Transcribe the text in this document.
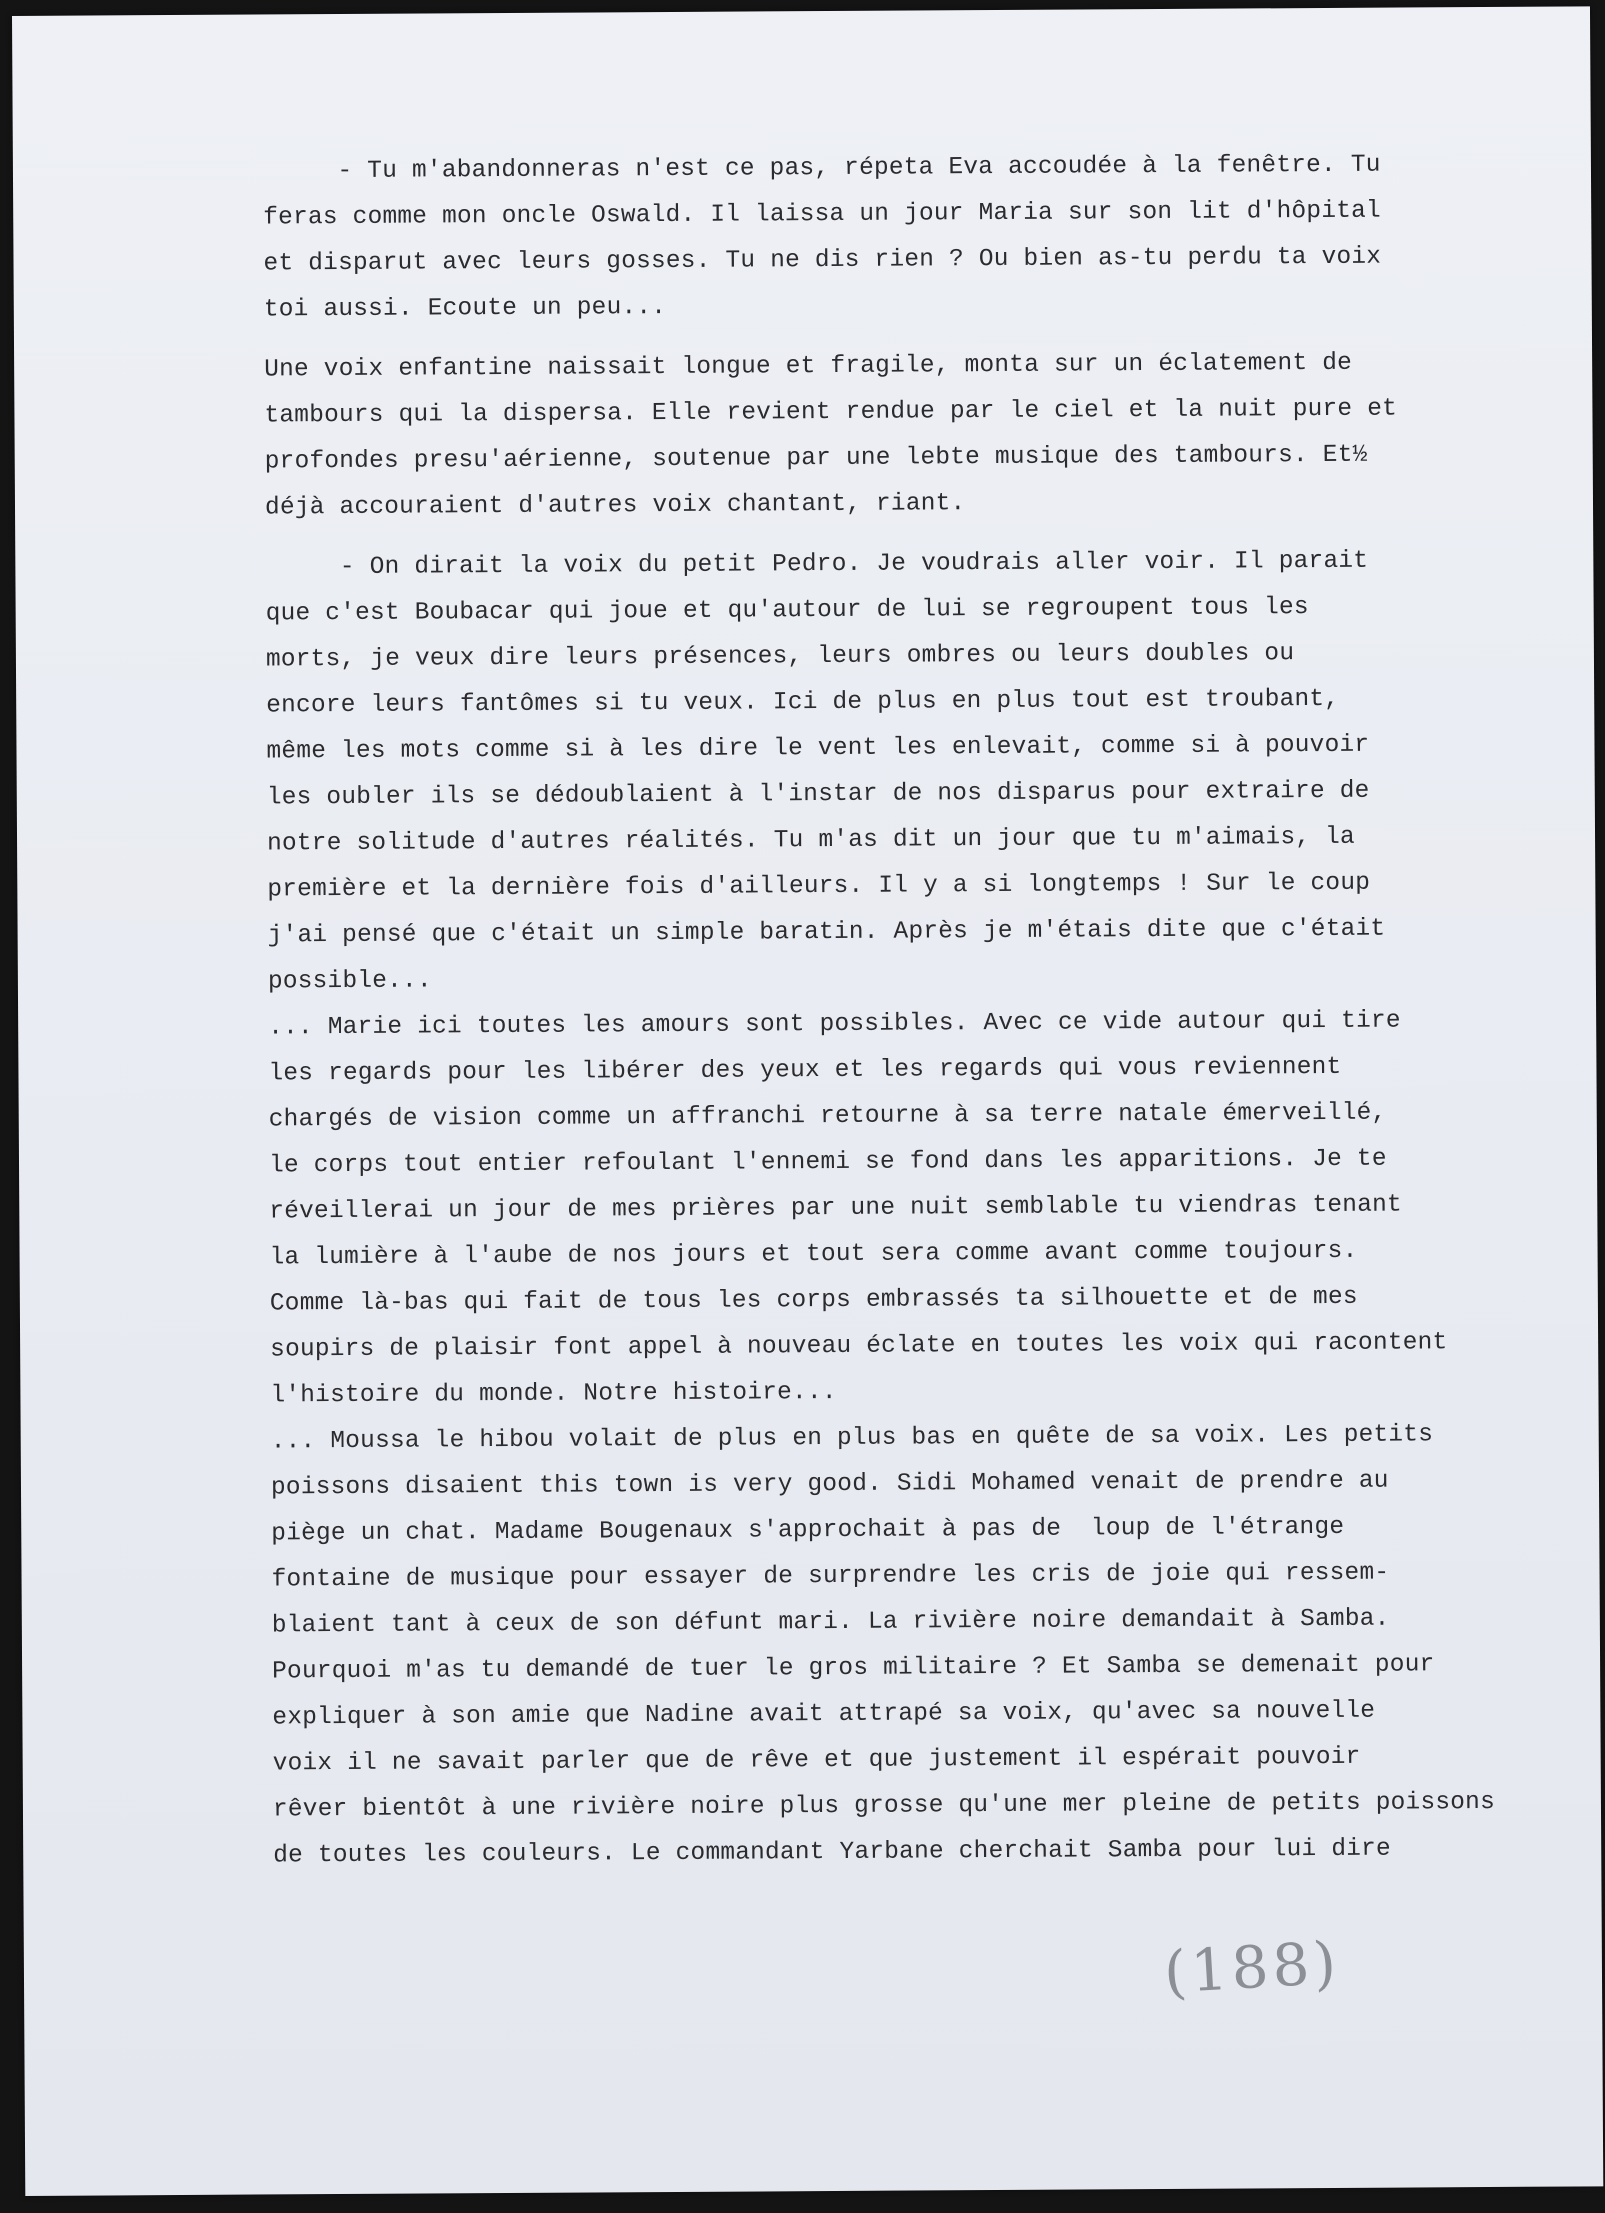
- Tu m'abandonneras n'est ce pas, répeta Eva accoudée à la fenêtre. Tu
feras comme mon oncle Oswald. Il laissa un jour Maria sur son lit d'hôpital
et disparut avec leurs gosses. Tu ne dis rien ? Ou bien as-tu perdu ta voix
toi aussi. Ecoute un peu...
Une voix enfantine naissait longue et fragile, monta sur un éclatement de
tambours qui la dispersa. Elle revient rendue par le ciel et la nuit pure et
profondes presu'aérienne, soutenue par une lebte musique des tambours. Et½
déjà accouraient d'autres voix chantant, riant.
- On dirait la voix du petit Pedro. Je voudrais aller voir. Il parait
que c'est Boubacar qui joue et qu'autour de lui se regroupent tous les
morts, je veux dire leurs présences, leurs ombres ou leurs doubles ou
encore leurs fantômes si tu veux. Ici de plus en plus tout est troubant,
même les mots comme si à les dire le vent les enlevait, comme si à pouvoir
les oubler ils se dédoublaient à l'instar de nos disparus pour extraire de
notre solitude d'autres réalités. Tu m'as dit un jour que tu m'aimais, la
première et la dernière fois d'ailleurs. Il y a si longtemps ! Sur le coup
j'ai pensé que c'était un simple baratin. Après je m'étais dite que c'était
possible...
... Marie ici toutes les amours sont possibles. Avec ce vide autour qui tire
les regards pour les libérer des yeux et les regards qui vous reviennent
chargés de vision comme un affranchi retourne à sa terre natale émerveillé,
le corps tout entier refoulant l'ennemi se fond dans les apparitions. Je te
réveillerai un jour de mes prières par une nuit semblable tu viendras tenant
la lumière à l'aube de nos jours et tout sera comme avant comme toujours.
Comme là-bas qui fait de tous les corps embrassés ta silhouette et de mes
soupirs de plaisir font appel à nouveau éclate en toutes les voix qui racontent
l'histoire du monde. Notre histoire...
... Moussa le hibou volait de plus en plus bas en quête de sa voix. Les petits
poissons disaient this town is very good. Sidi Mohamed venait de prendre au
piège un chat. Madame Bougenaux s'approchait à pas de  loup de l'étrange
fontaine de musique pour essayer de surprendre les cris de joie qui ressem-
blaient tant à ceux de son défunt mari. La rivière noire demandait à Samba.
Pourquoi m'as tu demandé de tuer le gros militaire ? Et Samba se demenait pour
expliquer à son amie que Nadine avait attrapé sa voix, qu'avec sa nouvelle
voix il ne savait parler que de rêve et que justement il espérait pouvoir
rêver bientôt à une rivière noire plus grosse qu'une mer pleine de petits poissons
de toutes les couleurs. Le commandant Yarbane cherchait Samba pour lui dire
(188)
